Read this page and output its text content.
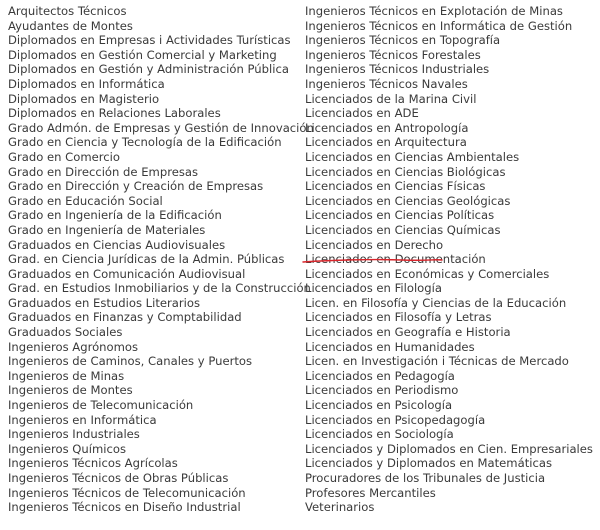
Arquitectos Técnicos
Ayudantes de Montes
Diplomados en Empresas i Actividades Turísticas
Diplomados en Gestión Comercial y Marketing
Diplomados en Gestión y Administración Pública
Diplomados en Informática
Diplomados en Magisterio
Diplomados en Relaciones Laborales
Grado Admón. de Empresas y Gestión de Innovación
Grado en Ciencia y Tecnología de la Edificación
Grado en Comercio
Grado en Dirección de Empresas
Grado en Dirección y Creación de Empresas
Grado en Educación Social
Grado en Ingeniería de la Edificación
Grado en Ingeniería de Materiales
Graduados en Ciencias Audiovisuales
Grad. en Ciencia Jurídicas de la Admin. Públicas
Graduados en Comunicación Audiovisual
Grad. en Estudios Inmobiliarios y de la Construcción
Graduados en Estudios Literarios
Graduados en Finanzas y Comptabilidad
Graduados Sociales
Ingenieros Agrónomos
Ingenieros de Caminos, Canales y Puertos
Ingenieros de Minas
Ingenieros de Montes
Ingenieros de Telecomunicación
Ingenieros en Informática
Ingenieros Industriales
Ingenieros Químicos
Ingenieros Técnicos Agrícolas
Ingenieros Técnicos de Obras Públicas
Ingenieros Técnicos de Telecomunicación
Ingenieros Técnicos en Diseño Industrial
Ingenieros Técnicos en Explotación de Minas
Ingenieros Técnicos en Informática de Gestión
Ingenieros Técnicos en Topografía
Ingenieros Técnicos Forestales
Ingenieros Técnicos Industriales
Ingenieros Técnicos Navales
Licenciados de la Marina Civil
Licenciados en ADE
Licenciados en Antropología
Licenciados en Arquitectura
Licenciados en Ciencias Ambientales
Licenciados en Ciencias Biológicas
Licenciados en Ciencias Físicas
Licenciados en Ciencias Geológicas
Licenciados en Ciencias Políticas
Licenciados en Ciencias Químicas
Licenciados en Derecho
Licenciados en Documentación
Licenciados en Económicas y Comerciales
Licenciados en Filología
Licen. en Filosofía y Ciencias de la Educación
Licenciados en Filosofía y Letras
Licenciados en Geografía e Historia
Licenciados en Humanidades
Licen. en Investigación i Técnicas de Mercado
Licenciados en Pedagogía
Licenciados en Periodismo
Licenciados en Psicología
Licenciados en Psicopedagogía
Licenciados en Sociología
Licenciados y Diplomados en Cien. Empresariales
Licenciados y Diplomados en Matemáticas
Procuradores de los Tribunales de Justicia
Profesores Mercantiles
Veterinarios
